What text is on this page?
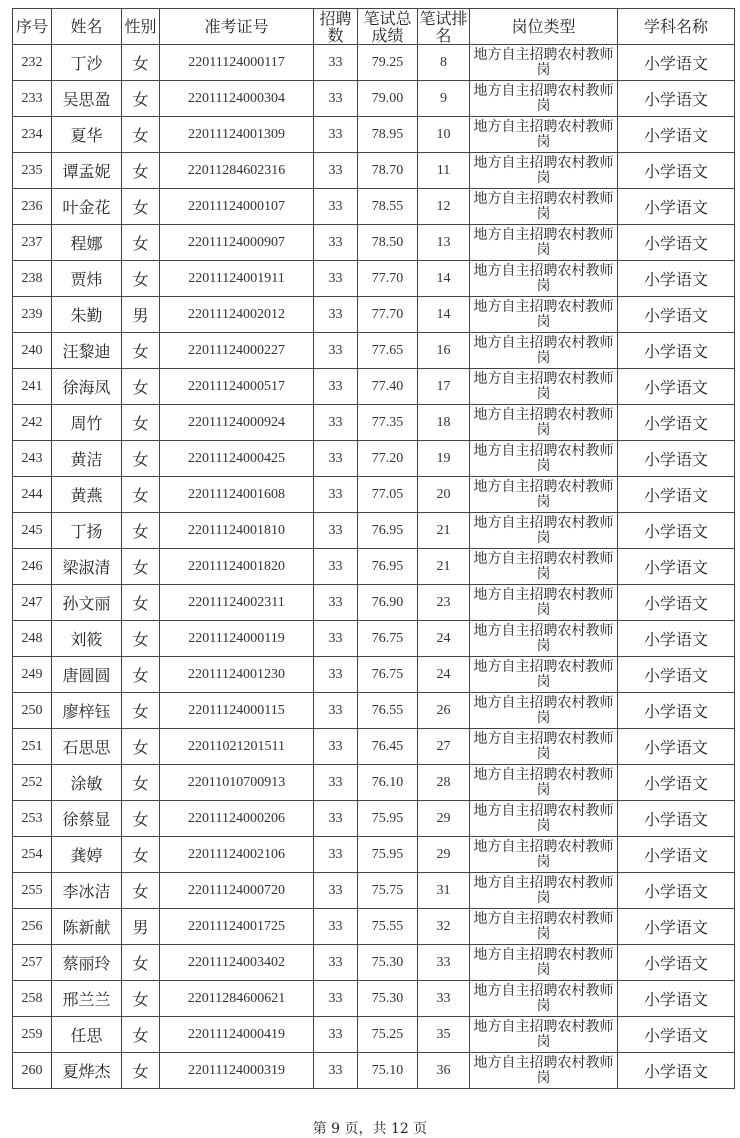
序号	姓名	性别	准考证号	招聘数	笔试总成绩	笔试排名	岗位类型	学科名称
232	丁沙	女	22011124000117	33	79.25	8	地方自主招聘农村教师岗	小学语文
233	吴思盈	女	22011124000304	33	79.00	9	地方自主招聘农村教师岗	小学语文
234	夏华	女	22011124001309	33	78.95	10	地方自主招聘农村教师岗	小学语文
235	谭孟妮	女	22011284602316	33	78.70	11	地方自主招聘农村教师岗	小学语文
236	叶金花	女	22011124000107	33	78.55	12	地方自主招聘农村教师岗	小学语文
237	程娜	女	22011124000907	33	78.50	13	地方自主招聘农村教师岗	小学语文
238	贾炜	女	22011124001911	33	77.70	14	地方自主招聘农村教师岗	小学语文
239	朱勤	男	22011124002012	33	77.70	14	地方自主招聘农村教师岗	小学语文
240	汪黎迪	女	22011124000227	33	77.65	16	地方自主招聘农村教师岗	小学语文
241	徐海凤	女	22011124000517	33	77.40	17	地方自主招聘农村教师岗	小学语文
242	周竹	女	22011124000924	33	77.35	18	地方自主招聘农村教师岗	小学语文
243	黄洁	女	22011124000425	33	77.20	19	地方自主招聘农村教师岗	小学语文
244	黄燕	女	22011124001608	33	77.05	20	地方自主招聘农村教师岗	小学语文
245	丁扬	女	22011124001810	33	76.95	21	地方自主招聘农村教师岗	小学语文
246	梁淑清	女	22011124001820	33	76.95	21	地方自主招聘农村教师岗	小学语文
247	孙文丽	女	22011124002311	33	76.90	23	地方自主招聘农村教师岗	小学语文
248	刘筱	女	22011124000119	33	76.75	24	地方自主招聘农村教师岗	小学语文
249	唐圆圆	女	22011124001230	33	76.75	24	地方自主招聘农村教师岗	小学语文
250	廖梓钰	女	22011124000115	33	76.55	26	地方自主招聘农村教师岗	小学语文
251	石思思	女	22011021201511	33	76.45	27	地方自主招聘农村教师岗	小学语文
252	涂敏	女	22011010700913	33	76.10	28	地方自主招聘农村教师岗	小学语文
253	徐蔡显	女	22011124000206	33	75.95	29	地方自主招聘农村教师岗	小学语文
254	龚婷	女	22011124002106	33	75.95	29	地方自主招聘农村教师岗	小学语文
255	李冰洁	女	22011124000720	33	75.75	31	地方自主招聘农村教师岗	小学语文
256	陈新献	男	22011124001725	33	75.55	32	地方自主招聘农村教师岗	小学语文
257	蔡丽玲	女	22011124003402	33	75.30	33	地方自主招聘农村教师岗	小学语文
258	邢兰兰	女	22011284600621	33	75.30	33	地方自主招聘农村教师岗	小学语文
259	任思	女	22011124000419	33	75.25	35	地方自主招聘农村教师岗	小学语文
260	夏烨杰	女	22011124000319	33	75.10	36	地方自主招聘农村教师岗	小学语文
第 9 页，共 12 页
